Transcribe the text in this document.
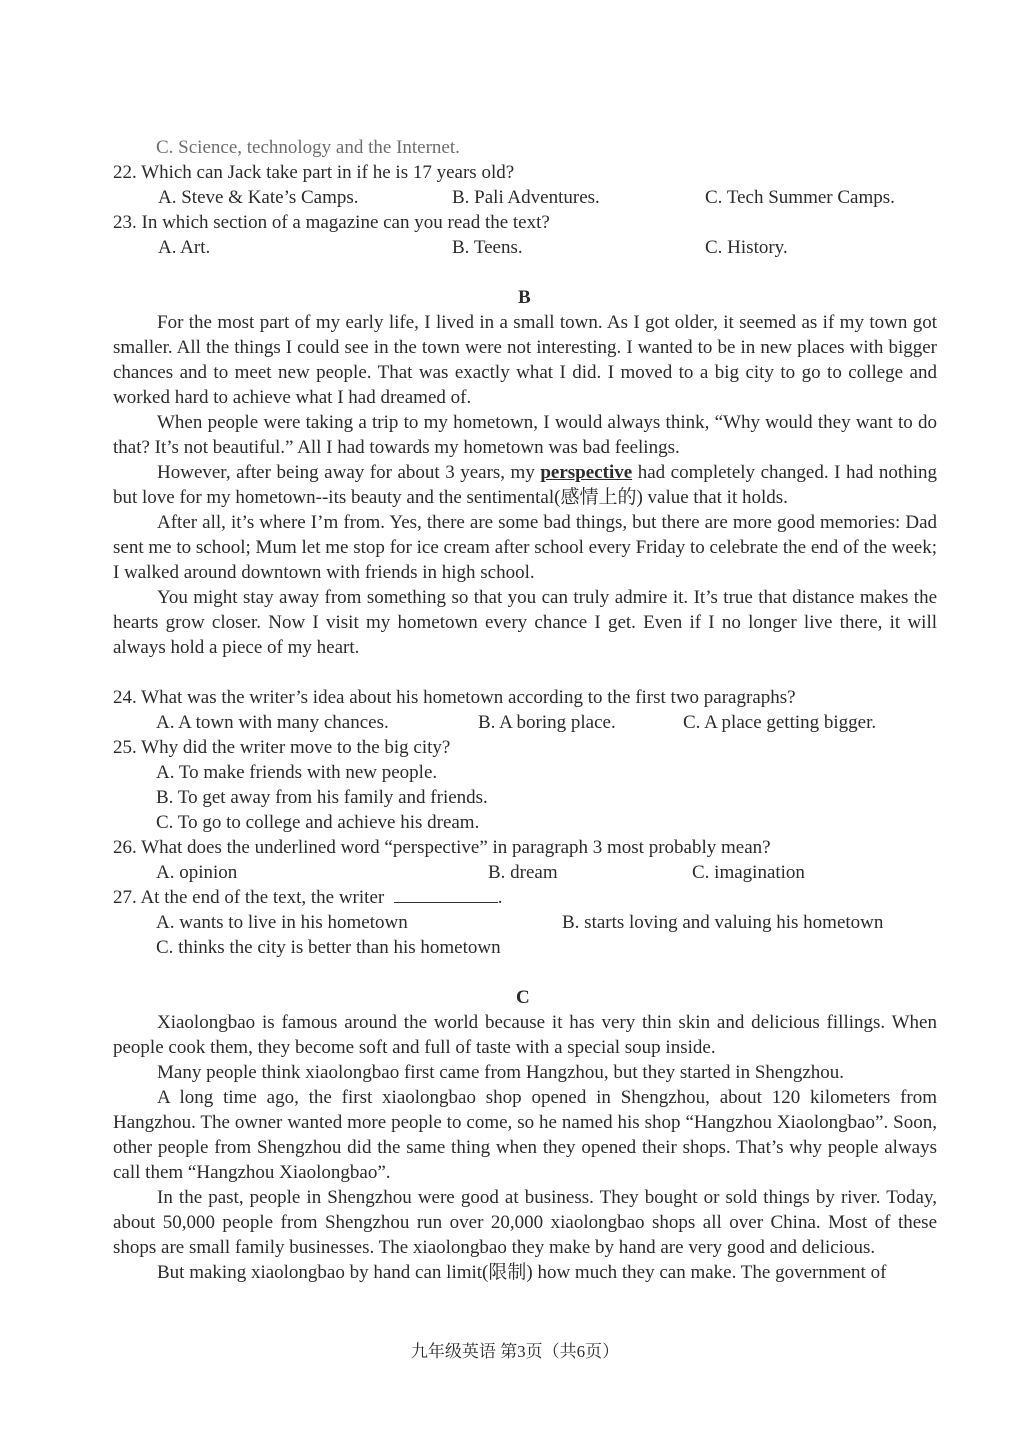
C. Science, technology and the Internet.
22. Which can Jack take part in if he is 17 years old?
A. Steve & Kate’s Camps.	B. Pali Adventures.	C. Tech Summer Camps.
23. In which section of a magazine can you read the text?
A. Art.	B. Teens.	C. History.
B
For the most part of my early life, I lived in a small town. As I got older, it seemed as if my town got smaller. All the things I could see in the town were not interesting. I wanted to be in new places with bigger chances and to meet new people. That was exactly what I did. I moved to a big city to go to college and worked hard to achieve what I had dreamed of.
When people were taking a trip to my hometown, I would always think, “Why would they want to do that? It’s not beautiful.” All I had towards my hometown was bad feelings.
However, after being away for about 3 years, my perspective had completely changed. I had nothing but love for my hometown--its beauty and the sentimental(感情上的) value that it holds.
After all, it’s where I’m from. Yes, there are some bad things, but there are more good memories: Dad sent me to school; Mum let me stop for ice cream after school every Friday to celebrate the end of the week; I walked around downtown with friends in high school.
You might stay away from something so that you can truly admire it. It’s true that distance makes the hearts grow closer. Now I visit my hometown every chance I get. Even if I no longer live there, it will always hold a piece of my heart.
24. What was the writer’s idea about his hometown according to the first two paragraphs?
A. A town with many chances.	B. A boring place.	C. A place getting bigger.
25. Why did the writer move to the big city?
A. To make friends with new people.
B. To get away from his family and friends.
C. To go to college and achieve his dream.
26. What does the underlined word “perspective” in paragraph 3 most probably mean?
A. opinion	B. dream	C. imagination
27. At the end of the text, the writer	.
A. wants to live in his hometown	B. starts loving and valuing his hometown
C. thinks the city is better than his hometown
C
Xiaolongbao is famous around the world because it has very thin skin and delicious fillings. When people cook them, they become soft and full of taste with a special soup inside.
Many people think xiaolongbao first came from Hangzhou, but they started in Shengzhou.
A long time ago, the first xiaolongbao shop opened in Shengzhou, about 120 kilometers from Hangzhou. The owner wanted more people to come, so he named his shop “Hangzhou Xiaolongbao”. Soon, other people from Shengzhou did the same thing when they opened their shops. That’s why people always call them “Hangzhou Xiaolongbao”.
In the past, people in Shengzhou were good at business. They bought or sold things by river. Today, about 50,000 people from Shengzhou run over 20,000 xiaolongbao shops all over China. Most of these shops are small family businesses. The xiaolongbao they make by hand are very good and delicious.
But making xiaolongbao by hand can limit(限制) how much they can make. The government of
九年级英语 第3页（共6页）
